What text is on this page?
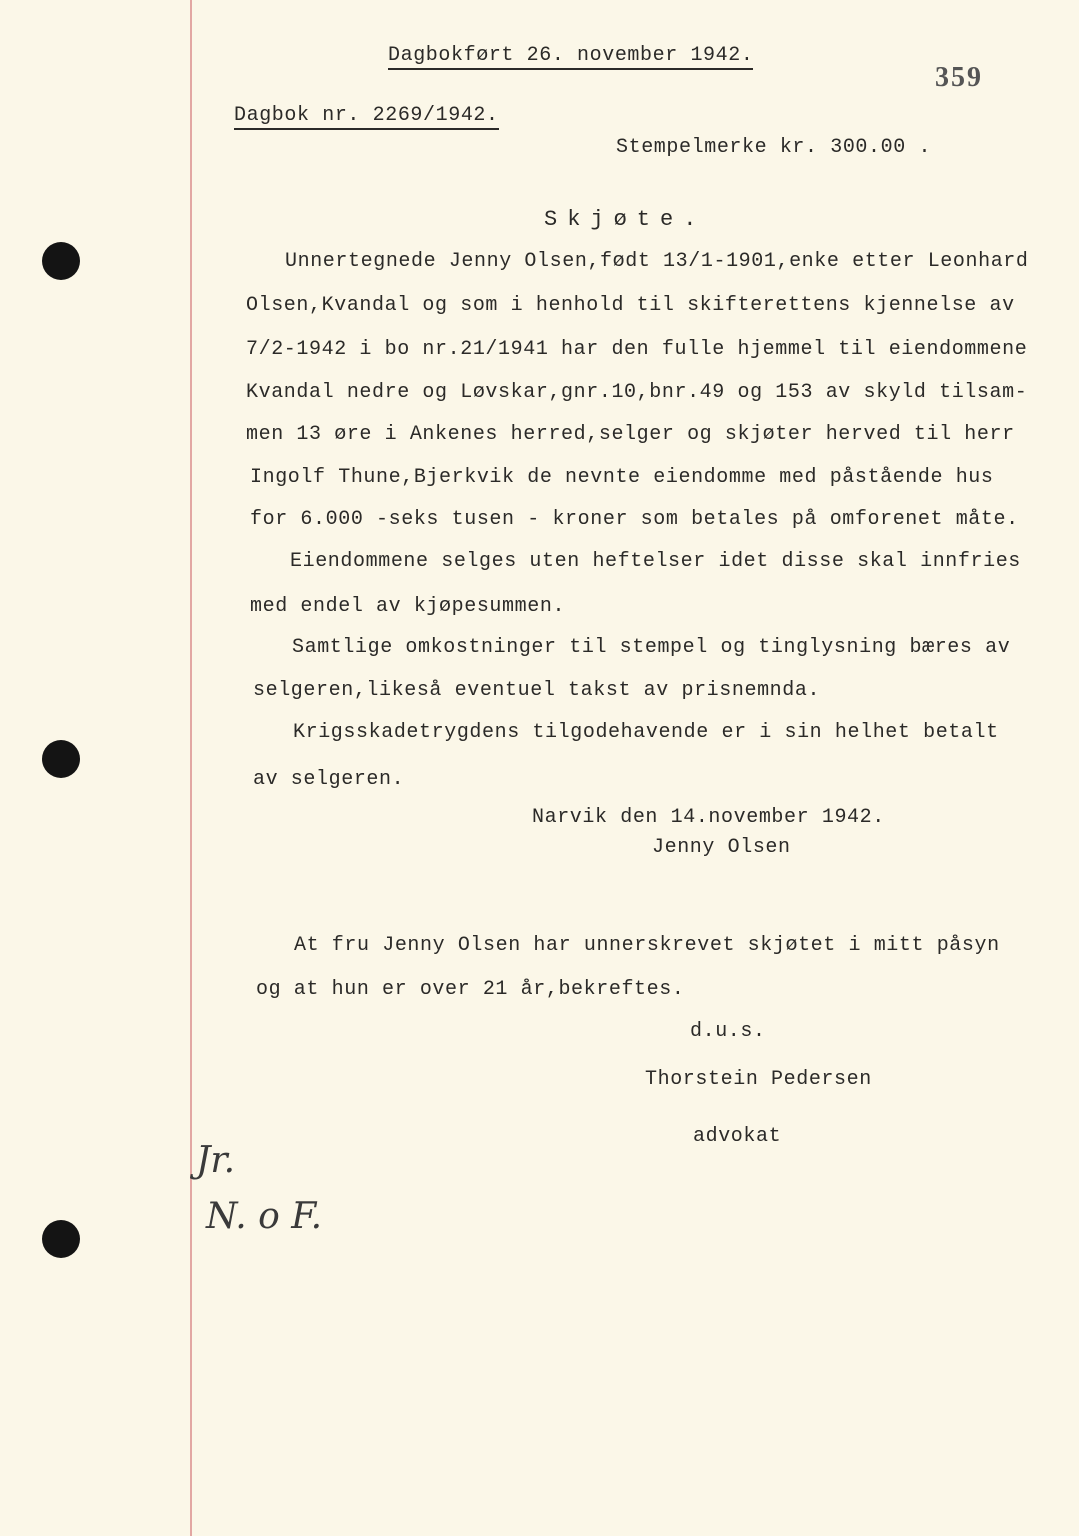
Dagbokført 26. november 1942.
359
Dagbok nr. 2269/1942.
Stempelmerke kr. 300.00 .
Skjøte.
Unnertegnede Jenny Olsen,født 13/1-1901,enke etter Leonhard
Olsen,Kvandal og som i henhold til skifterettens kjennelse av
7/2-1942 i bo nr.21/1941 har den fulle hjemmel til eiendommene
Kvandal nedre og Løvskar,gnr.10,bnr.49 og 153 av skyld tilsam-
men 13 øre i Ankenes herred,selger og skjøter herved til herr
Ingolf Thune,Bjerkvik de nevnte eiendomme med påstående hus
for 6.000 -seks tusen - kroner som betales på omforenet måte.
Eiendommene selges uten heftelser idet disse skal innfries
med endel av kjøpesummen.
Samtlige omkostninger til stempel og tinglysning bæres av
selgeren,likeså eventuel takst av prisnemnda.
Krigsskadetrygdens tilgodehavende er i sin helhet betalt
av selgeren.
Narvik den 14.november 1942.
Jenny Olsen
At fru Jenny Olsen har unnerskrevet skjøtet i mitt påsyn
og at hun er over 21 år,bekreftes.
d.u.s.
Thorstein Pedersen
advokat
Jr.
N. o F.
